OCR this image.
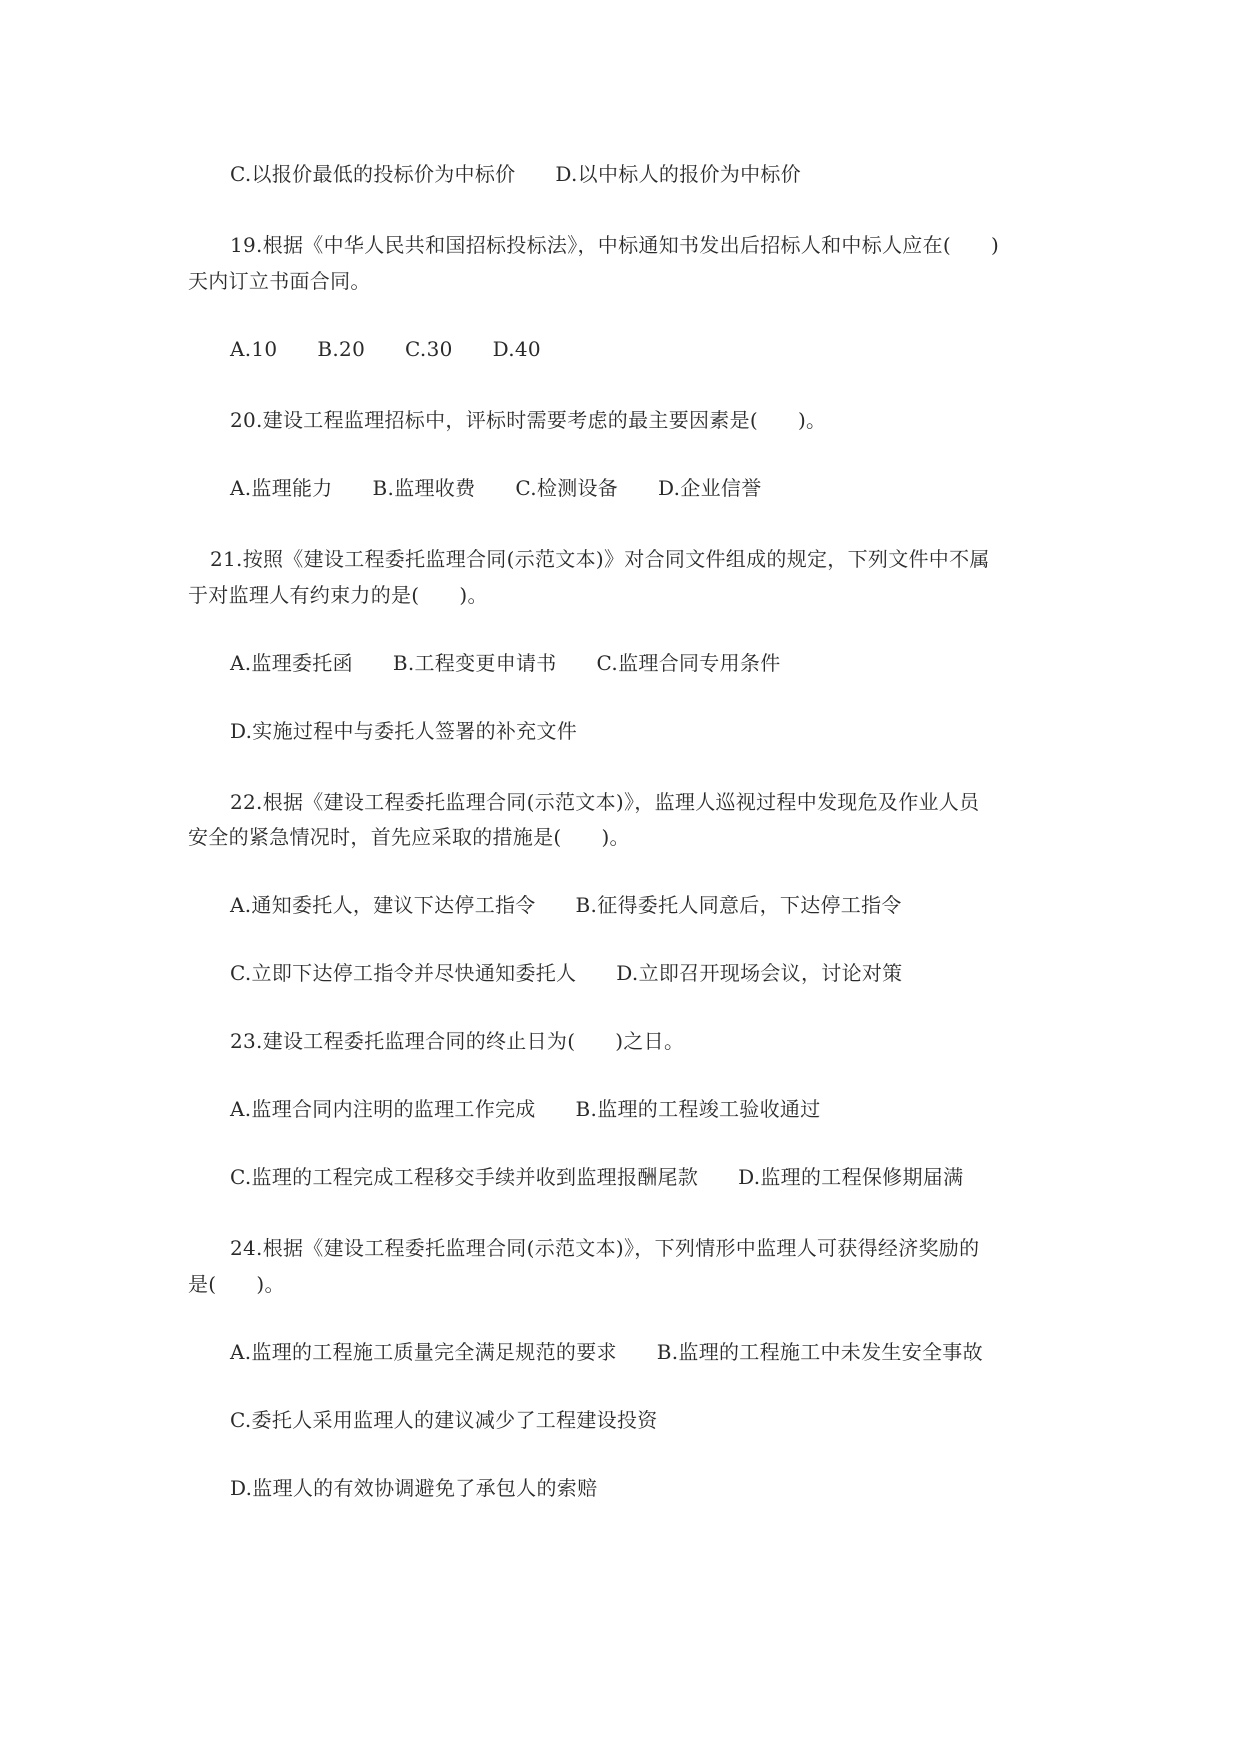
C.以报价最低的投标价为中标价      D.以中标人的报价为中标价
19.根据《中华人民共和国招标投标法》，中标通知书发出后招标人和中标人应在(      )
天内订立书面合同。
A.10      B.20      C.30      D.40
20.建设工程监理招标中，评标时需要考虑的最主要因素是(      )。
A.监理能力      B.监理收费      C.检测设备      D.企业信誉
21.按照《建设工程委托监理合同(示范文本)》对合同文件组成的规定，下列文件中不属
于对监理人有约束力的是(      )。
A.监理委托函      B.工程变更申请书      C.监理合同专用条件
D.实施过程中与委托人签署的补充文件
22.根据《建设工程委托监理合同(示范文本)》，监理人巡视过程中发现危及作业人员
安全的紧急情况时，首先应采取的措施是(      )。
A.通知委托人，建议下达停工指令      B.征得委托人同意后，下达停工指令
C.立即下达停工指令并尽快通知委托人      D.立即召开现场会议，讨论对策
23.建设工程委托监理合同的终止日为(      )之日。
A.监理合同内注明的监理工作完成      B.监理的工程竣工验收通过
C.监理的工程完成工程移交手续并收到监理报酬尾款      D.监理的工程保修期届满
24.根据《建设工程委托监理合同(示范文本)》，下列情形中监理人可获得经济奖励的
是(      )。
A.监理的工程施工质量完全满足规范的要求      B.监理的工程施工中未发生安全事故
C.委托人采用监理人的建议减少了工程建设投资
D.监理人的有效协调避免了承包人的索赔
